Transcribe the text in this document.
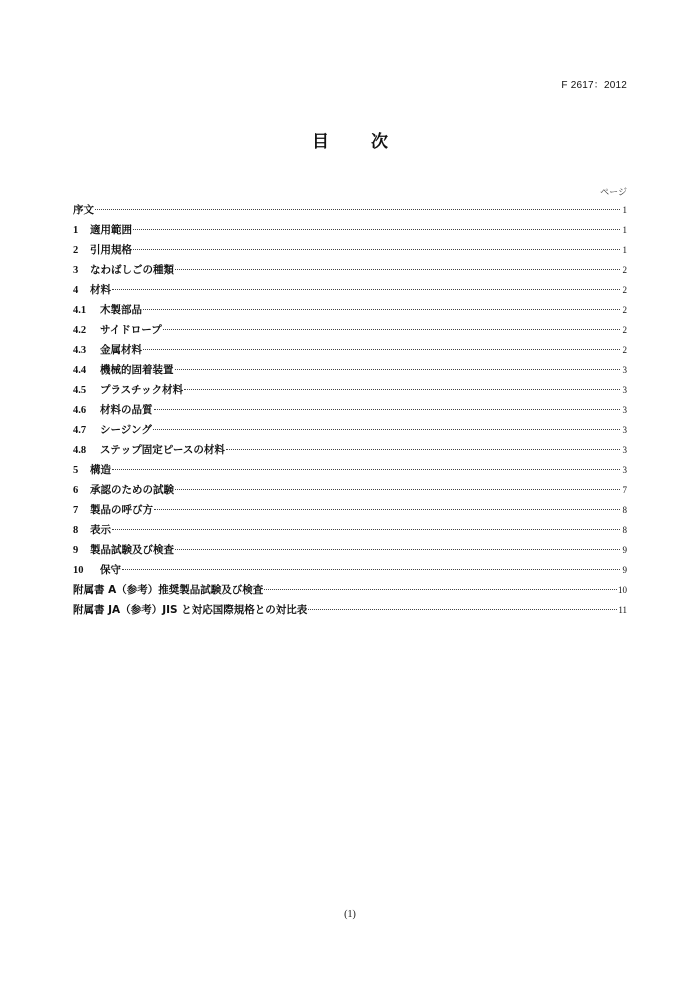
F 2617：2012
目 次
ページ
序文	1
1	適用範囲	1
2	引用規格	1
3	なわばしごの種類	2
4	材料	2
4.1	木製部品	2
4.2	サイドロープ	2
4.3	金属材料	2
4.4	機械的固着装置	3
4.5	プラスチック材料	3
4.6	材料の品質	3
4.7	シージング	3
4.8	ステップ固定ピースの材料	3
5	構造	3
6	承認のための試験	7
7	製品の呼び方	8
8	表示	8
9	製品試験及び検査	9
10	保守	9
附属書 A（参考）推奨製品試験及び検査	10
附属書 JA（参考）JIS と対応国際規格との対比表	11
(1)
